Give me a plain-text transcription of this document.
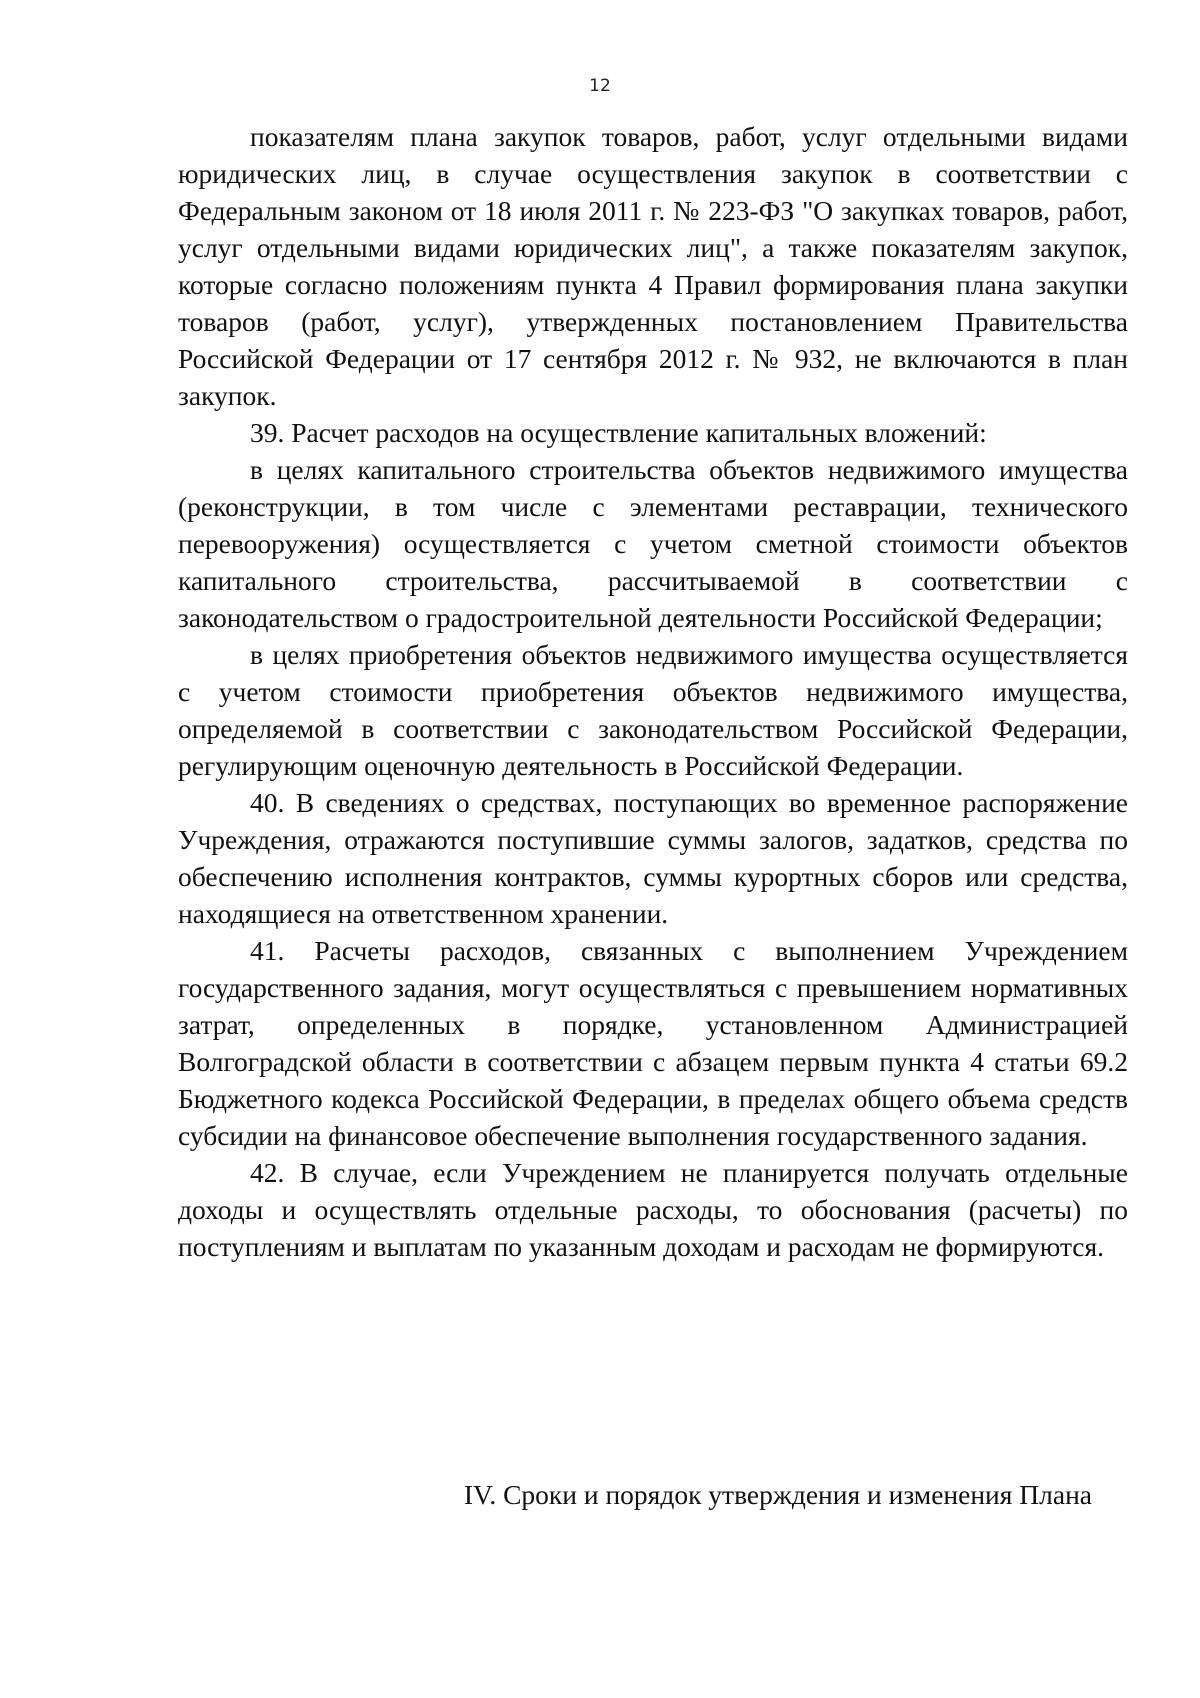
12

показателям плана закупок товаров, работ, услуг отдельными видами юридических лиц, в случае осуществления закупок в соответствии с Федеральным законом от 18 июля 2011 г. № 223-ФЗ "О закупках товаров, работ, услуг отдельными видами юридических лиц", а также показателям закупок, которые согласно положениям пункта 4 Правил формирования плана закупки товаров (работ, услуг), утвержденных постановлением Правительства Российской Федерации от 17 сентября 2012 г. № 932, не включаются в план закупок.

39. Расчет расходов на осуществление капитальных вложений:

в целях капитального строительства объектов недвижимого имущества (реконструкции, в том числе с элементами реставрации, технического перевооружения) осуществляется с учетом сметной стоимости объектов капитального строительства, рассчитываемой в соответствии с законодательством о градостроительной деятельности Российской Федерации;

в целях приобретения объектов недвижимого имущества осуществляется с учетом стоимости приобретения объектов недвижимого имущества, определяемой в соответствии с законодательством Российской Федерации, регулирующим оценочную деятельность в Российской Федерации.

40. В сведениях о средствах, поступающих во временное распоряжение Учреждения, отражаются поступившие суммы залогов, задатков, средства по обеспечению исполнения контрактов, суммы курортных сборов или средства, находящиеся на ответственном хранении.

41. Расчеты расходов, связанных с выполнением Учреждением государственного задания, могут осуществляться с превышением нормативных затрат, определенных в порядке, установленном Администрацией Волгоградской области в соответствии с абзацем первым пункта 4 статьи 69.2 Бюджетного кодекса Российской Федерации, в пределах общего объема средств субсидии на финансовое обеспечение выполнения государственного задания.

42. В случае, если Учреждением не планируется получать отдельные доходы и осуществлять отдельные расходы, то обоснования (расчеты) по поступлениям и выплатам по указанным доходам и расходам не формируются.

IV. Сроки и порядок утверждения и изменения Плана
